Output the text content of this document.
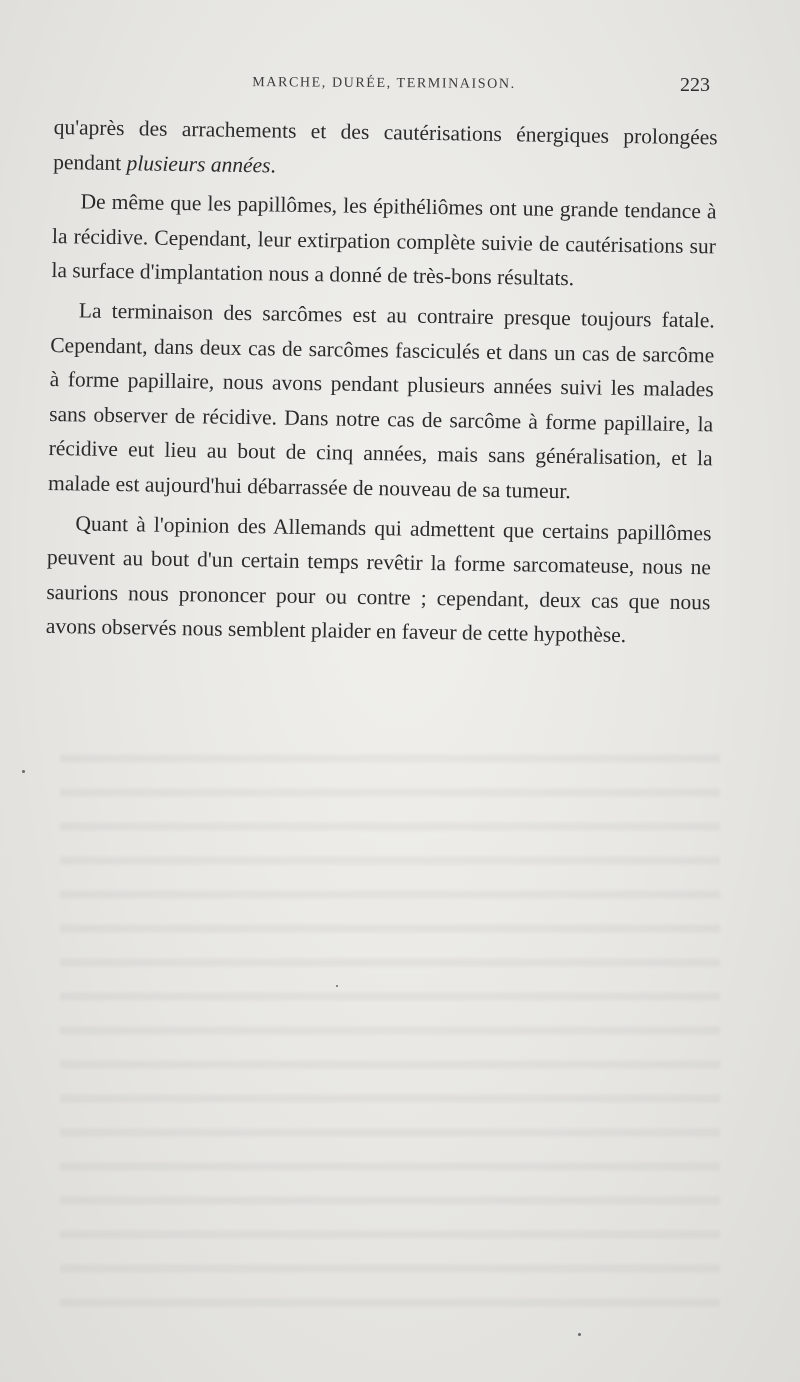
MARCHE, DURÉE, TERMINAISON.	223

qu'après des arrachements et des cautérisations énergiques prolongées pendant plusieurs années.

De même que les papillômes, les épithéliômes ont une grande tendance à la récidive. Cependant, leur extirpation complète suivie de cautérisations sur la surface d'implantation nous a donné de très-bons résultats.

La terminaison des sarcômes est au contraire presque toujours fatale. Cependant, dans deux cas de sarcômes fasciculés et dans un cas de sarcôme à forme papillaire, nous avons pendant plusieurs années suivi les malades sans observer de récidive. Dans notre cas de sarcôme à forme papillaire, la récidive eut lieu au bout de cinq années, mais sans généralisation, et la malade est aujourd'hui débarrassée de nouveau de sa tumeur.

Quant à l'opinion des Allemands qui admettent que certains papillômes peuvent au bout d'un certain temps revêtir la forme sarcomateuse, nous ne saurions nous prononcer pour ou contre ; cependant, deux cas que nous avons observés nous semblent plaider en faveur de cette hypothèse.
